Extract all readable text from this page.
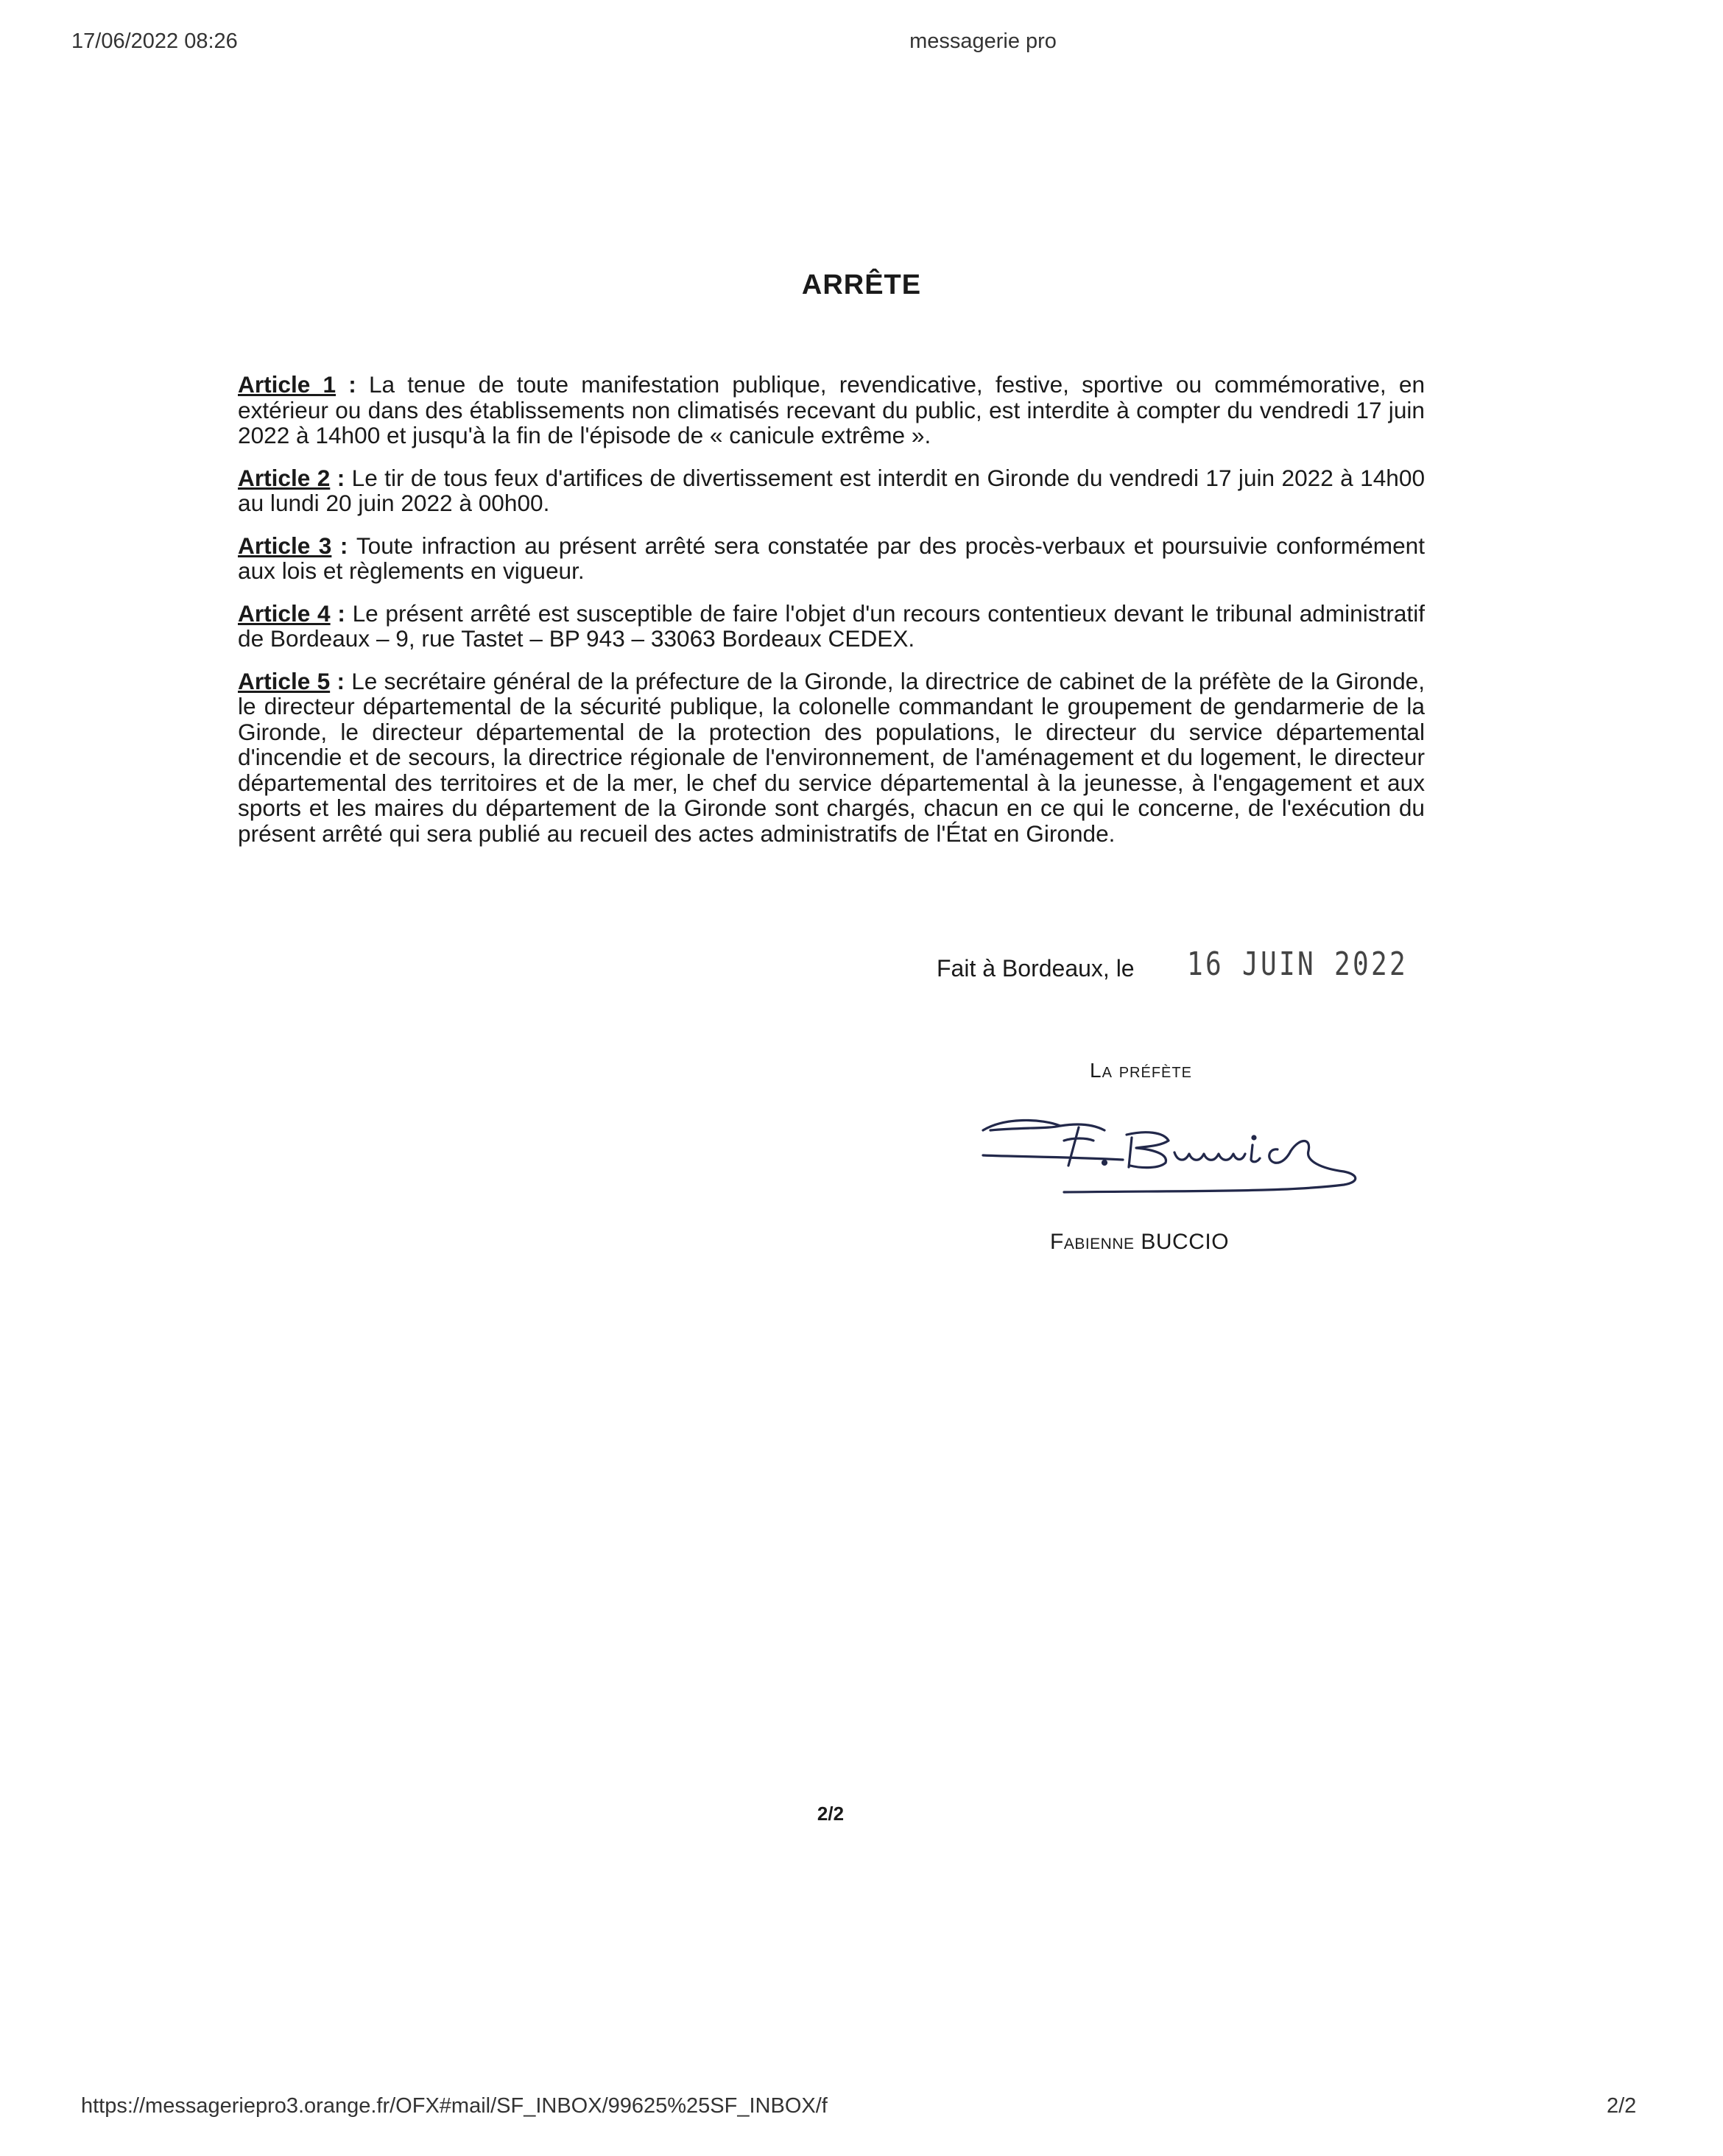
17/06/2022 08:26	messagerie pro
ARRÊTE

Article 1 : La tenue de toute manifestation publique, revendicative, festive, sportive ou commémorative, en extérieur ou dans des établissements non climatisés recevant du public, est interdite à compter du vendredi 17 juin 2022 à 14h00 et jusqu'à la fin de l'épisode de « canicule extrême ».

Article 2 : Le tir de tous feux d'artifices de divertissement est interdit en Gironde du vendredi 17 juin 2022 à 14h00 au lundi 20 juin 2022 à 00h00.

Article 3 : Toute infraction au présent arrêté sera constatée par des procès-verbaux et poursuivie conformément aux lois et règlements en vigueur.

Article 4 : Le présent arrêté est susceptible de faire l'objet d'un recours contentieux devant le tribunal administratif de Bordeaux – 9, rue Tastet – BP 943 – 33063 Bordeaux CEDEX.

Article 5 : Le secrétaire général de la préfecture de la Gironde, la directrice de cabinet de la préfète de la Gironde, le directeur départemental de la sécurité publique, la colonelle commandant le groupement de gendarmerie de la Gironde, le directeur départemental de la protection des populations, le directeur du service départemental d'incendie et de secours, la directrice régionale de l'environnement, de l'aménagement et du logement, le directeur départemental des territoires et de la mer, le chef du service départemental à la jeunesse, à l'engagement et aux sports et les maires du département de la Gironde sont chargés, chacun en ce qui le concerne, de l'exécution du présent arrêté qui sera publié au recueil des actes administratifs de l'État en Gironde.

Fait à Bordeaux, le 16 JUIN 2022
La préfète
Fabienne BUCCIO
2/2
https://messageriepro3.orange.fr/OFX#mail/SF_INBOX/99625%25SF_INBOX/f	2/2
